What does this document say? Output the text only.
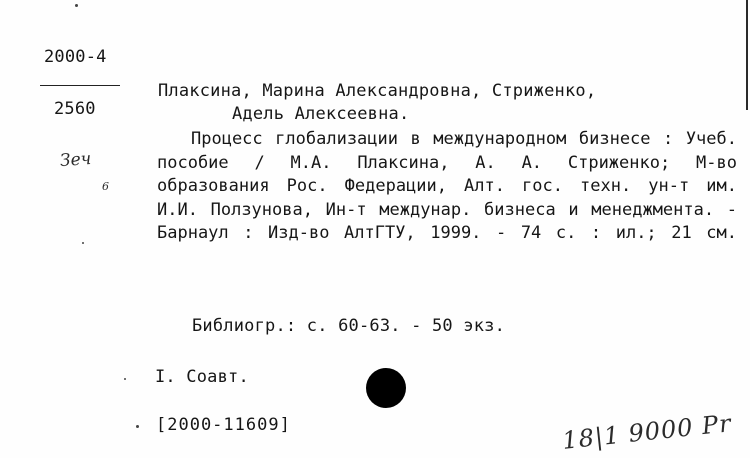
2000-4
2560
Плаксина, Марина Александровна, Стриженко,
Адель Алексеевна.
Процесс глобализации в международном бизнесе : Учеб. пособие / М.А. Плаксина, А. А. Стриженко; М-во образования Рос. Федерации, Алт. гос. техн. ун-т им. И.И. Ползунова, Ин-т междунар. бизнеса и менеджмента. - Барнаул : Изд-во АлтГТУ, 1999. - 74 с. : ил.; 21 см.
Библиогр.: с. 60-63. - 50 экз.
I. Соавт.
[2000-11609]
Зеч
6
18|1 9000 Pr
